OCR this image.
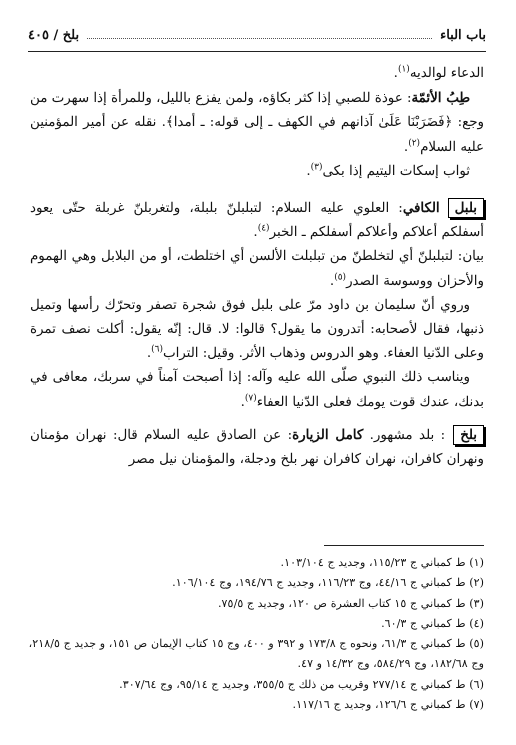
باب الباء
بلخ / ٤٠٥

الدعاء لوالديه$^{(١)}$.

طِبُ الأئمّة: عوذة للصبي إذا كثر بكاؤه، ولمن يفزع بالليل، وللمرأة إذا سهرت من وجع: ﴿فَضَرَبْنَا عَلَىٰ آذانهم في الكهف ـ إلى قوله: ـ أمدا﴾. نقله عن أمير المؤمنين عليه السلام$^{(٢)}$.

ثواب إسكات اليتيم إذا بكى$^{(٣)}$.

بلبلالكافي: العلوي عليه السلام: لتبلبلنّ بلبلة، ولتغربلنّ غربلة حتّى يعود أسفلكم أعلاكم وأعلاكم أسفلكم ـ الخبر$^{(٤)}$.

بيان: لتبلبلنّ أي لتخلطنّ من تبلبلت الألسن أي اختلطت، أو من البلابل وهي الهموم والأحزان ووسوسة الصدر$^{(٥)}$.

وروي أنّ سليمان بن داود مرّ على بلبل فوق شجرة تصفر وتحرّك رأسها وتميل ذنبها، فقال لأصحابه: أتدرون ما يقول؟ قالوا: لا. قال: إنّه يقول: أكلت نصف تمرة وعلى الدّنيا العفاء. وهو الدروس وذهاب الأثر. وقيل: التراب$^{(٦)}$.

ويناسب ذلك النبوي صلّى الله عليه وآله: إذا أصبحت آمناً في سربك، معافى في بدنك، عندك قوت يومك فعلى الدّنيا العفاء$^{(٧)}$.

بلخ: بلد مشهور. كامل الزيارة: عن الصادق عليه السلام قال: نهران مؤمنان ونهران كافران، نهران كافران نهر بلخ ودجلة، والمؤمنان نيل مصر

(١) ط كمباني ج ١١٥/٢٣، وجديد ج ١٠٣/١٠٤.
(٢) ط كمباني ج ٤٤/١٦، وج ١١٦/٢٣، وجديد ج ١٩٤/٧٦، وج ١٠٦/١٠٤.
(٣) ط كمباني ج ١٥ كتاب العشرة ص ١٢٠، وجديد ج ٧٥/٥.
(٤) ط كمباني ج ٦٠/٣.
(٥) ط كمباني ج ٦١/٣، ونحوه ج ١٧٣/٨ و ٣٩٢ و ٤٠٠، وج ١٥ كتاب الإيمان ص ١٥١، و جديد ج ٢١٨/٥، وج ١٨٢/٦٨، وج ٥٨٤/٢٩، وج ١٤/٣٢ و ٤٧.
(٦) ط كمباني ج ٢٧٧/١٤ وقريب من ذلك ج ٣٥٥/٥، وجديد ج ٩٥/١٤، وج ٣٠٧/٦٤.
(٧) ط كمباني ج ١٢٦/٦، وجديد ج ١١٧/١٦.
